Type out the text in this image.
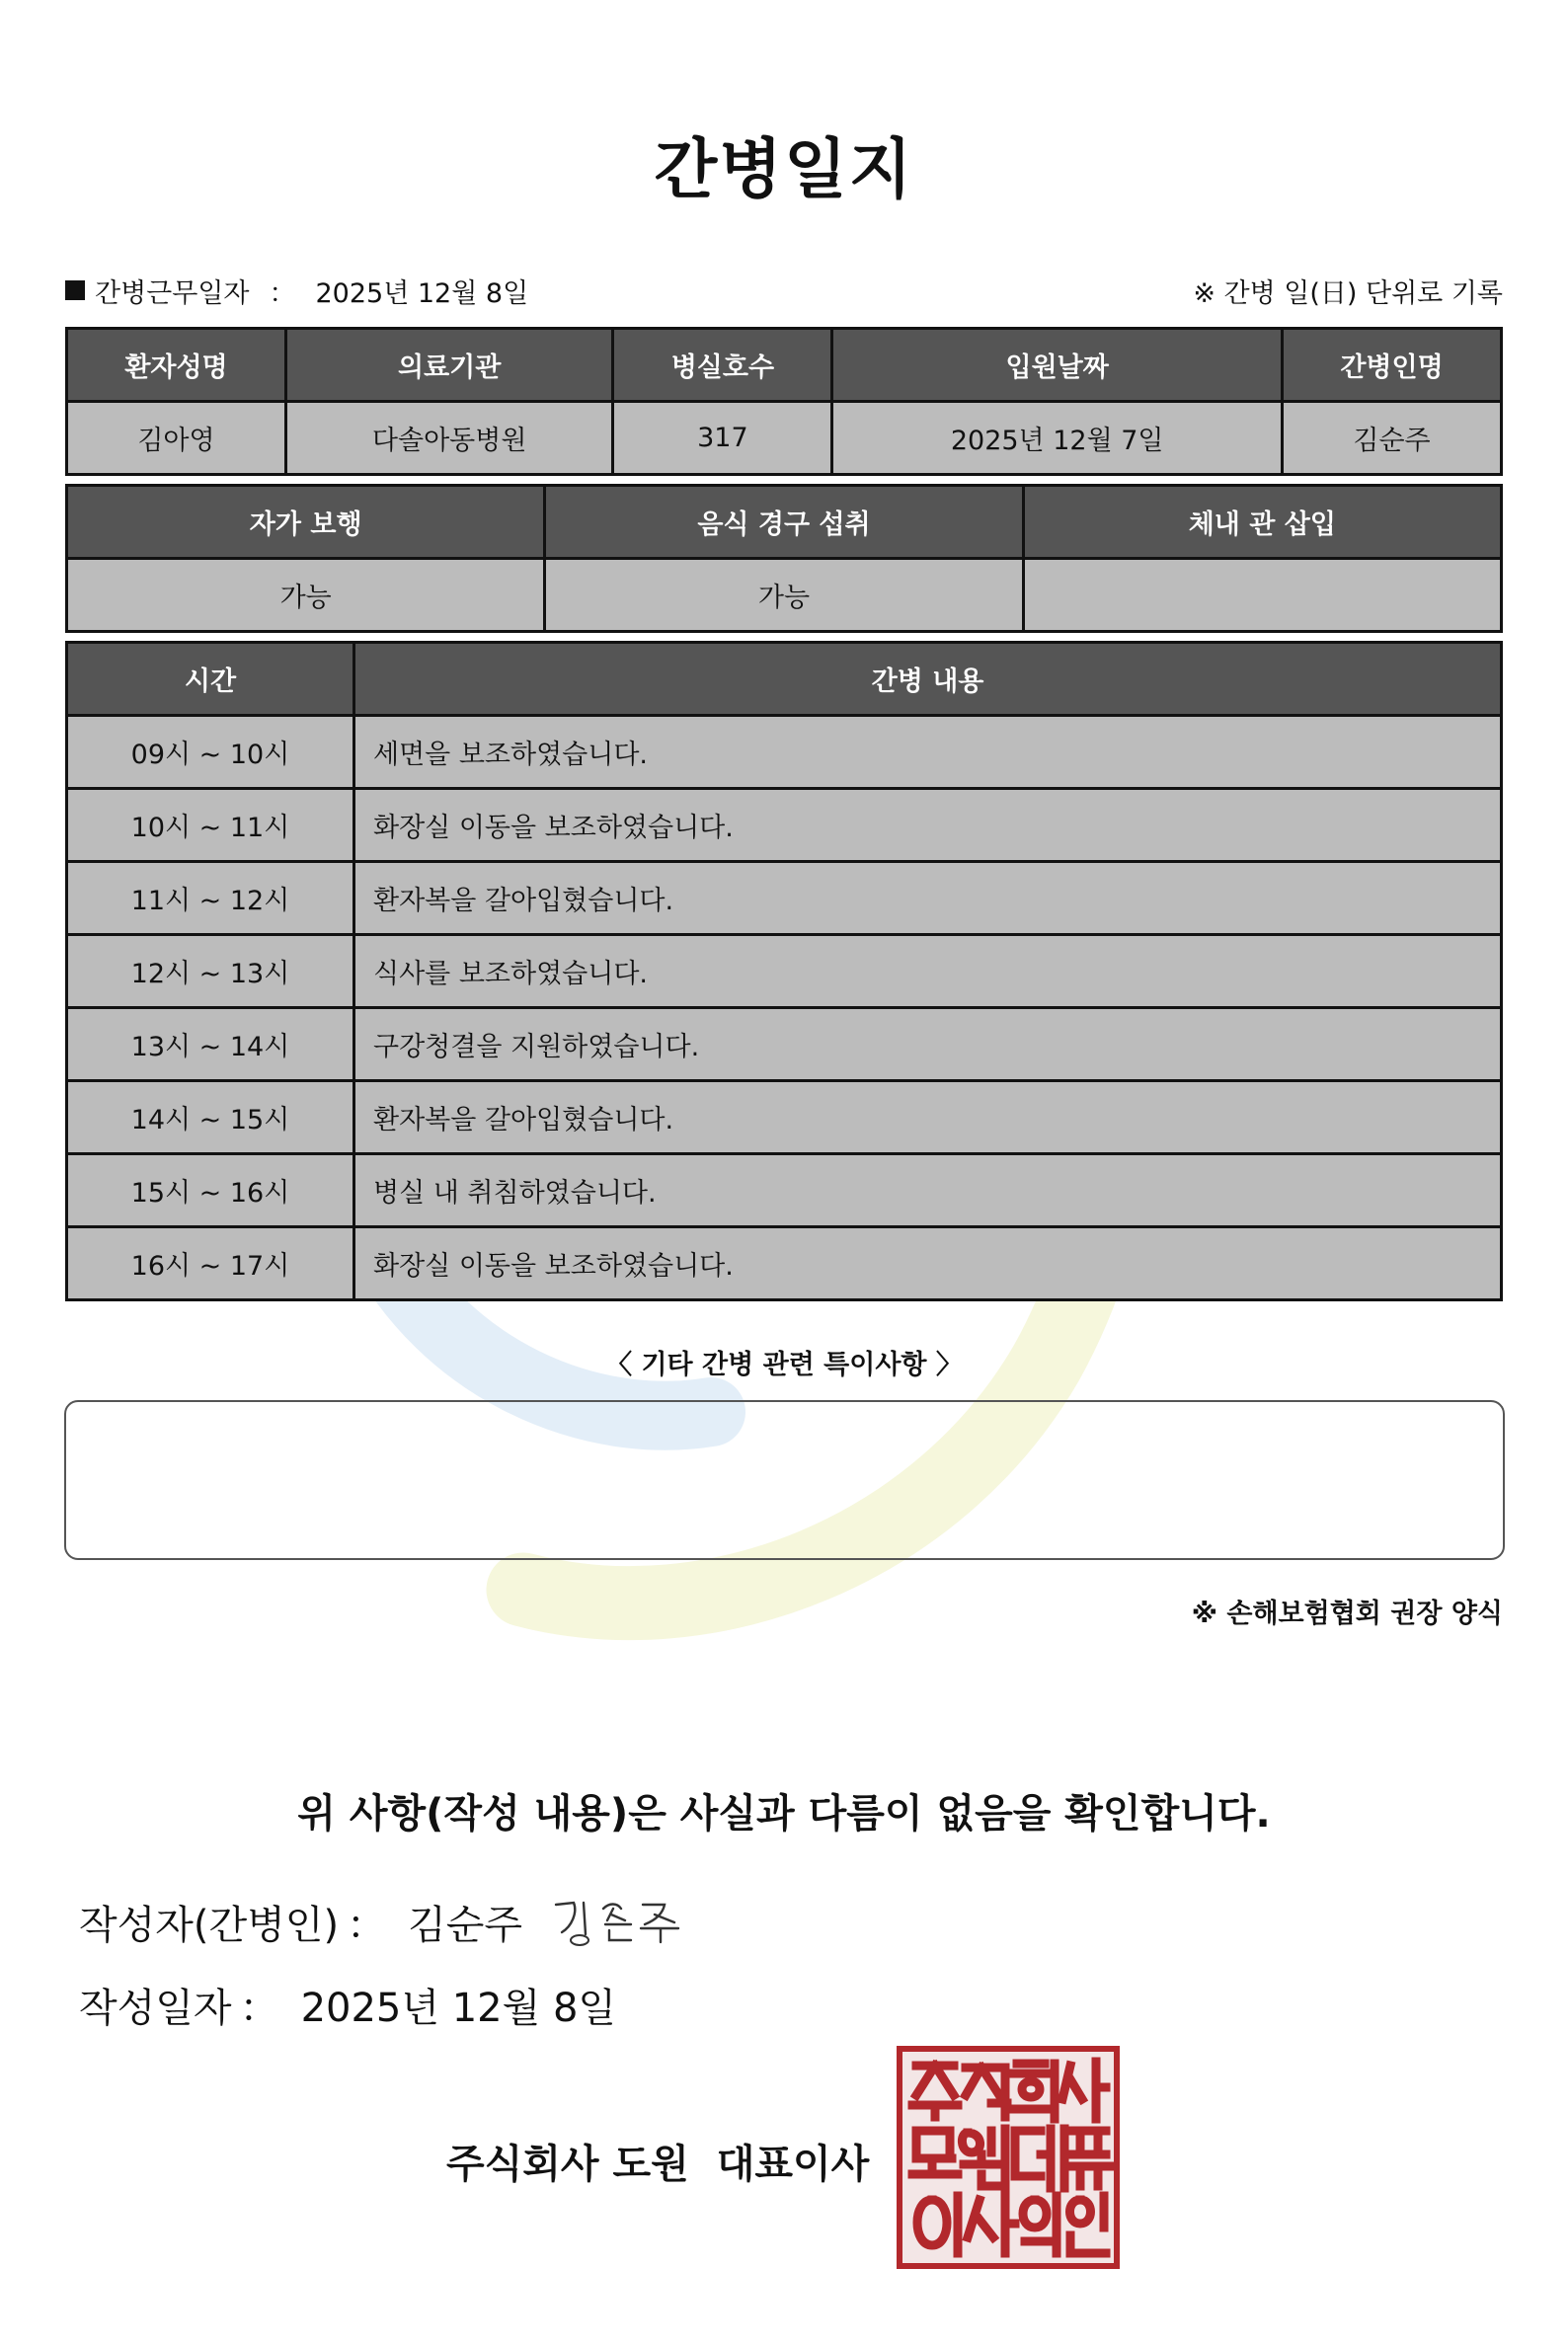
간병일지
간병근무일자 ： 2025년 12월 8일	※ 간병 일(日) 단위로 기록
환자성명	의료기관	병실호수	입원날짜	간병인명
김아영	다솔아동병원	317	2025년 12월 7일	김순주
자가 보행	음식 경구 섭취	체내 관 삽입
가능	가능	
시간	간병 내용
09시 ~ 10시	세면을 보조하였습니다.
10시 ~ 11시	화장실 이동을 보조하였습니다.
11시 ~ 12시	환자복을 갈아입혔습니다.
12시 ~ 13시	식사를 보조하였습니다.
13시 ~ 14시	구강청결을 지원하였습니다.
14시 ~ 15시	환자복을 갈아입혔습니다.
15시 ~ 16시	병실 내 취침하였습니다.
16시 ~ 17시	화장실 이동을 보조하였습니다.
〈 기타 간병 관련 특이사항 〉
※ 손해보험협회 권장 양식
위 사항(작성 내용)은 사실과 다름이 없음을 확인합니다.
작성자(간병인) ： 김순주
작성일자 ： 2025년 12월 8일
주식회사 도원 대표이사
